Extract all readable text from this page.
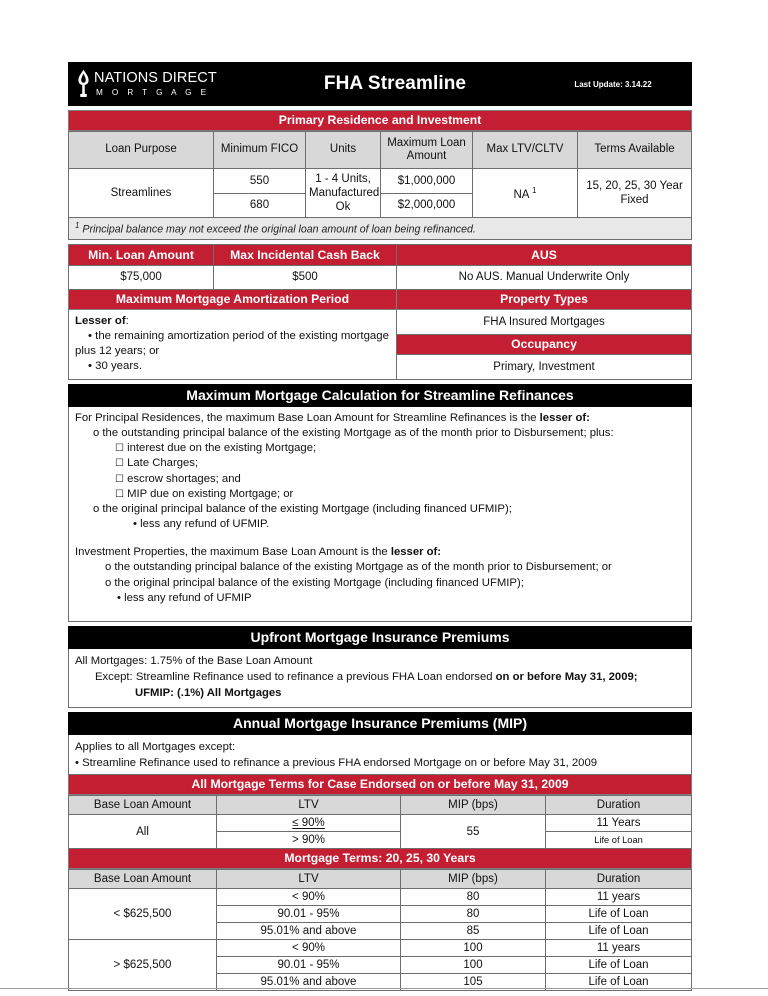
NATIONS DIRECT
M O R T G A G E	FHA Streamline	Last Update: 3.14.22
Primary Residence and Investment
Loan Purpose	Minimum FICO	Units	Maximum Loan Amount	Max LTV/CLTV	Terms Available
Streamlines	550	1 - 4 Units, Manufactured Ok	$1,000,000	NA $^1$	15, 20, 25, 30 Year Fixed
	680		$2,000,000		
$^1$ Principal balance may not exceed the original loan amount of loan being refinanced.
Min. Loan Amount	Max Incidental Cash Back	AUS
$75,000	$500	No AUS. Manual Underwrite Only
Maximum Mortgage Amortization Period	Property Types
Lesser of:
• the remaining amortization period of the existing mortgage
plus 12 years; or
• 30 years.
FHA Insured Mortgages
Occupancy
Primary, Investment
Maximum Mortgage Calculation for Streamline Refinances

For Principal Residences, the maximum Base Loan Amount for Streamline Refinances is the lesser of:

o the outstanding principal balance of the existing Mortgage as of the month prior to Disbursement; plus:

☐ interest due on the existing Mortgage;

☐ Late Charges;

☐ escrow shortages; and

☐ MIP due on existing Mortgage; or

o the original principal balance of the existing Mortgage (including financed UFMIP);

• less any refund of UFMIP.

Investment Properties, the maximum Base Loan Amount is the lesser of:

o the outstanding principal balance of the existing Mortgage as of the month prior to Disbursement; or

o the original principal balance of the existing Mortgage (including financed UFMIP);

• less any refund of UFMIP

Upfront Mortgage Insurance Premiums
All Mortgages: 1.75% of the Base Loan Amount
Except: Streamline Refinance used to refinance a previous FHA Loan endorsed on or before May 31, 2009;
UFMIP: (.1%) All Mortgages
Annual Mortgage Insurance Premiums (MIP)
Applies to all Mortgages except:
• Streamline Refinance used to refinance a previous FHA endorsed Mortgage on or before May 31, 2009
All Mortgage Terms for Case Endorsed on or before May 31, 2009
Base Loan Amount	LTV	MIP (bps)	Duration
All	≤ 90%	55	11 Years
	> 90%		Life of Loan
Mortgage Terms: 20, 25, 30 Years
Base Loan Amount	LTV	MIP (bps)	Duration
< $625,500	< 90%	80	11 years
	90.01 - 95%	80	Life of Loan
	95.01% and above	85	Life of Loan
> $625,500	< 90%	100	11 years
	90.01 - 95%	100	Life of Loan
	95.01% and above	105	Life of Loan
